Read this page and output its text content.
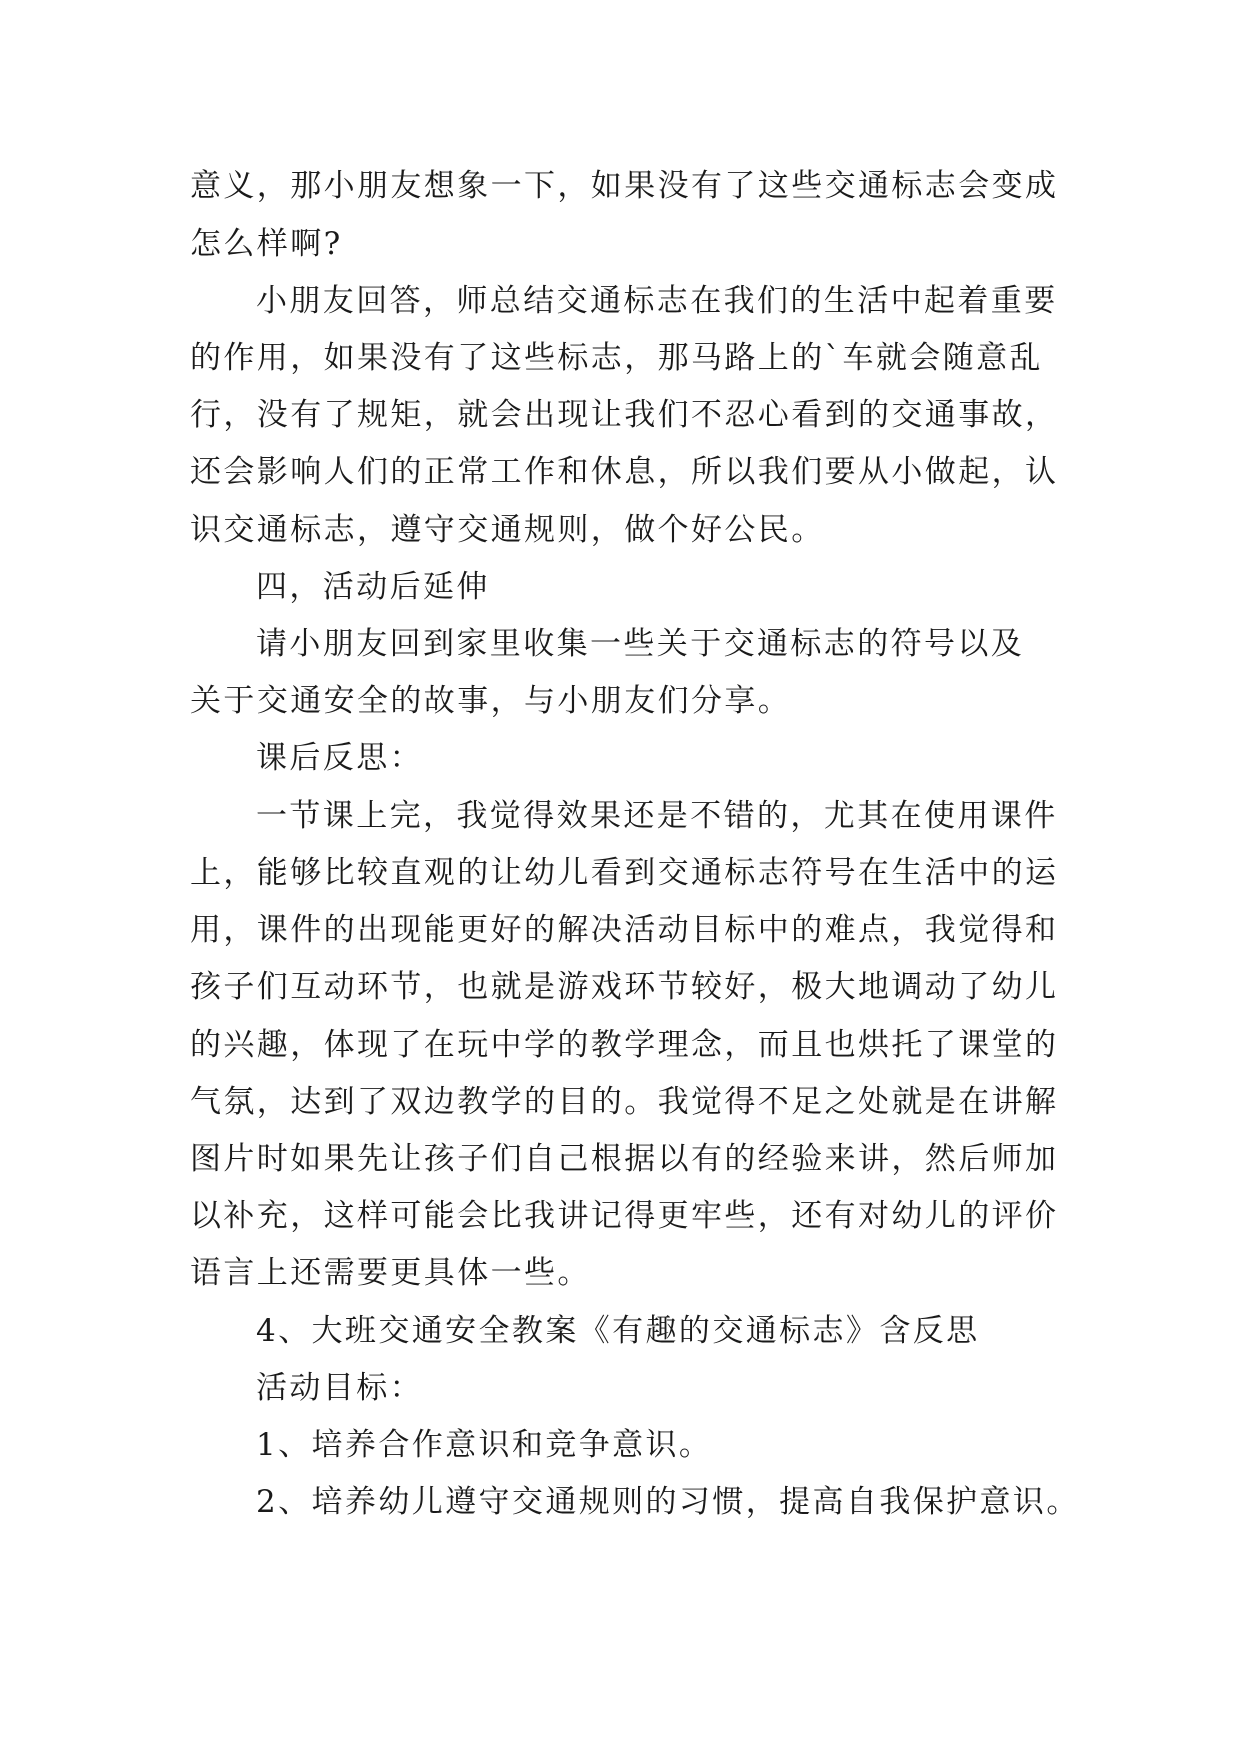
意义，那小朋友想象一下，如果没有了这些交通标志会变成
怎么样啊?
小朋友回答，师总结交通标志在我们的生活中起着重要
的作用，如果没有了这些标志，那马路上的`车就会随意乱
行，没有了规矩，就会出现让我们不忍心看到的交通事故，
还会影响人们的正常工作和休息，所以我们要从小做起，认
识交通标志，遵守交通规则，做个好公民。
四，活动后延伸
请小朋友回到家里收集一些关于交通标志的符号以及
关于交通安全的故事，与小朋友们分享。
课后反思：
一节课上完，我觉得效果还是不错的，尤其在使用课件
上，能够比较直观的让幼儿看到交通标志符号在生活中的运
用，课件的出现能更好的解决活动目标中的难点，我觉得和
孩子们互动环节，也就是游戏环节较好，极大地调动了幼儿
的兴趣，体现了在玩中学的教学理念，而且也烘托了课堂的
气氛，达到了双边教学的目的。我觉得不足之处就是在讲解
图片时如果先让孩子们自己根据以有的经验来讲，然后师加
以补充，这样可能会比我讲记得更牢些，还有对幼儿的评价
语言上还需要更具体一些。
4、大班交通安全教案《有趣的交通标志》含反思
活动目标：
1、培养合作意识和竞争意识。
2、培养幼儿遵守交通规则的习惯，提高自我保护意识。
